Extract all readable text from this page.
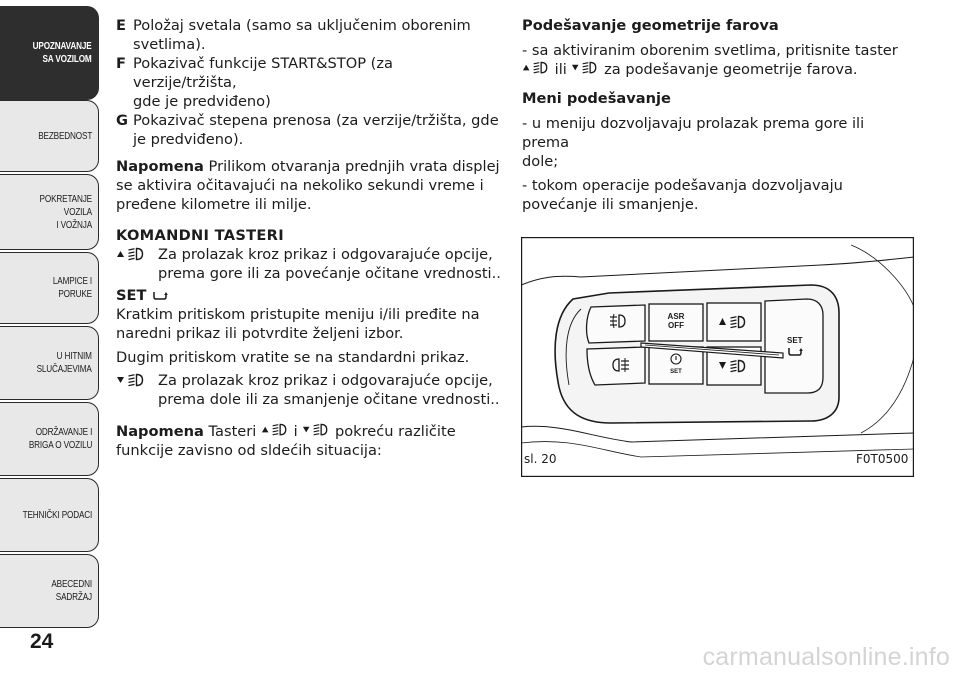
UPOZNAVANJE
SA VOZILOM
BEZBEDNOST
POKRETANJE VOZILA
I VOŽNJA
LAMPICE I PORUKE
U HITNIM
SLUČAJEVIMA
ODRŽAVANJE I
BRIGA O VOZILU
TEHNIČKI PODACI
ABECEDNI SADRŽAJ
24
E Položaj svetala (samo sa uključenim oborenim
svetlima).
F Pokazivač funkcije START&STOP (za verzije/tržišta,
gde je predviđeno)
G Pokazivač stepena prenosa (za verzije/tržišta, gde
je predviđeno).

Napomena Prilikom otvaranja prednjih vrata displej
se aktivira očitavajući na nekoliko sekundi vreme i
pređene kilometre ili milje.

KOMANDNI TASTERI
Za prolazak kroz prikaz i odgovarajuće opcije,
prema gore ili za povećanje očitane vrednosti..
SET

Kratkim pritiskom pristupite meniju i/ili pređite na
naredni prikaz ili potvrdite željeni izbor.

Dugim pritiskom vratite se na standardni prikaz.

Za prolazak kroz prikaz i odgovarajuće opcije,
prema dole ili za smanjenje očitane vrednosti..

Napomena Tasteri	i	pokreću različite
funkcije zavisno od sldećih situacija:

Podešavanje geometrije farova

- sa aktiviranim oborenim svetlima, pritisnite taster
ili	za podešavanje geometrije farova.

Meni podešavanje

- u meniju dozvoljavaju prolazak prema gore ili prema
dole;

- tokom operacije podešavanja dozvoljavaju
povećanje ili smanjenje.

ASR
OFF
SET
SET
sl. 20	F0T0500
carmanualsonline.info
